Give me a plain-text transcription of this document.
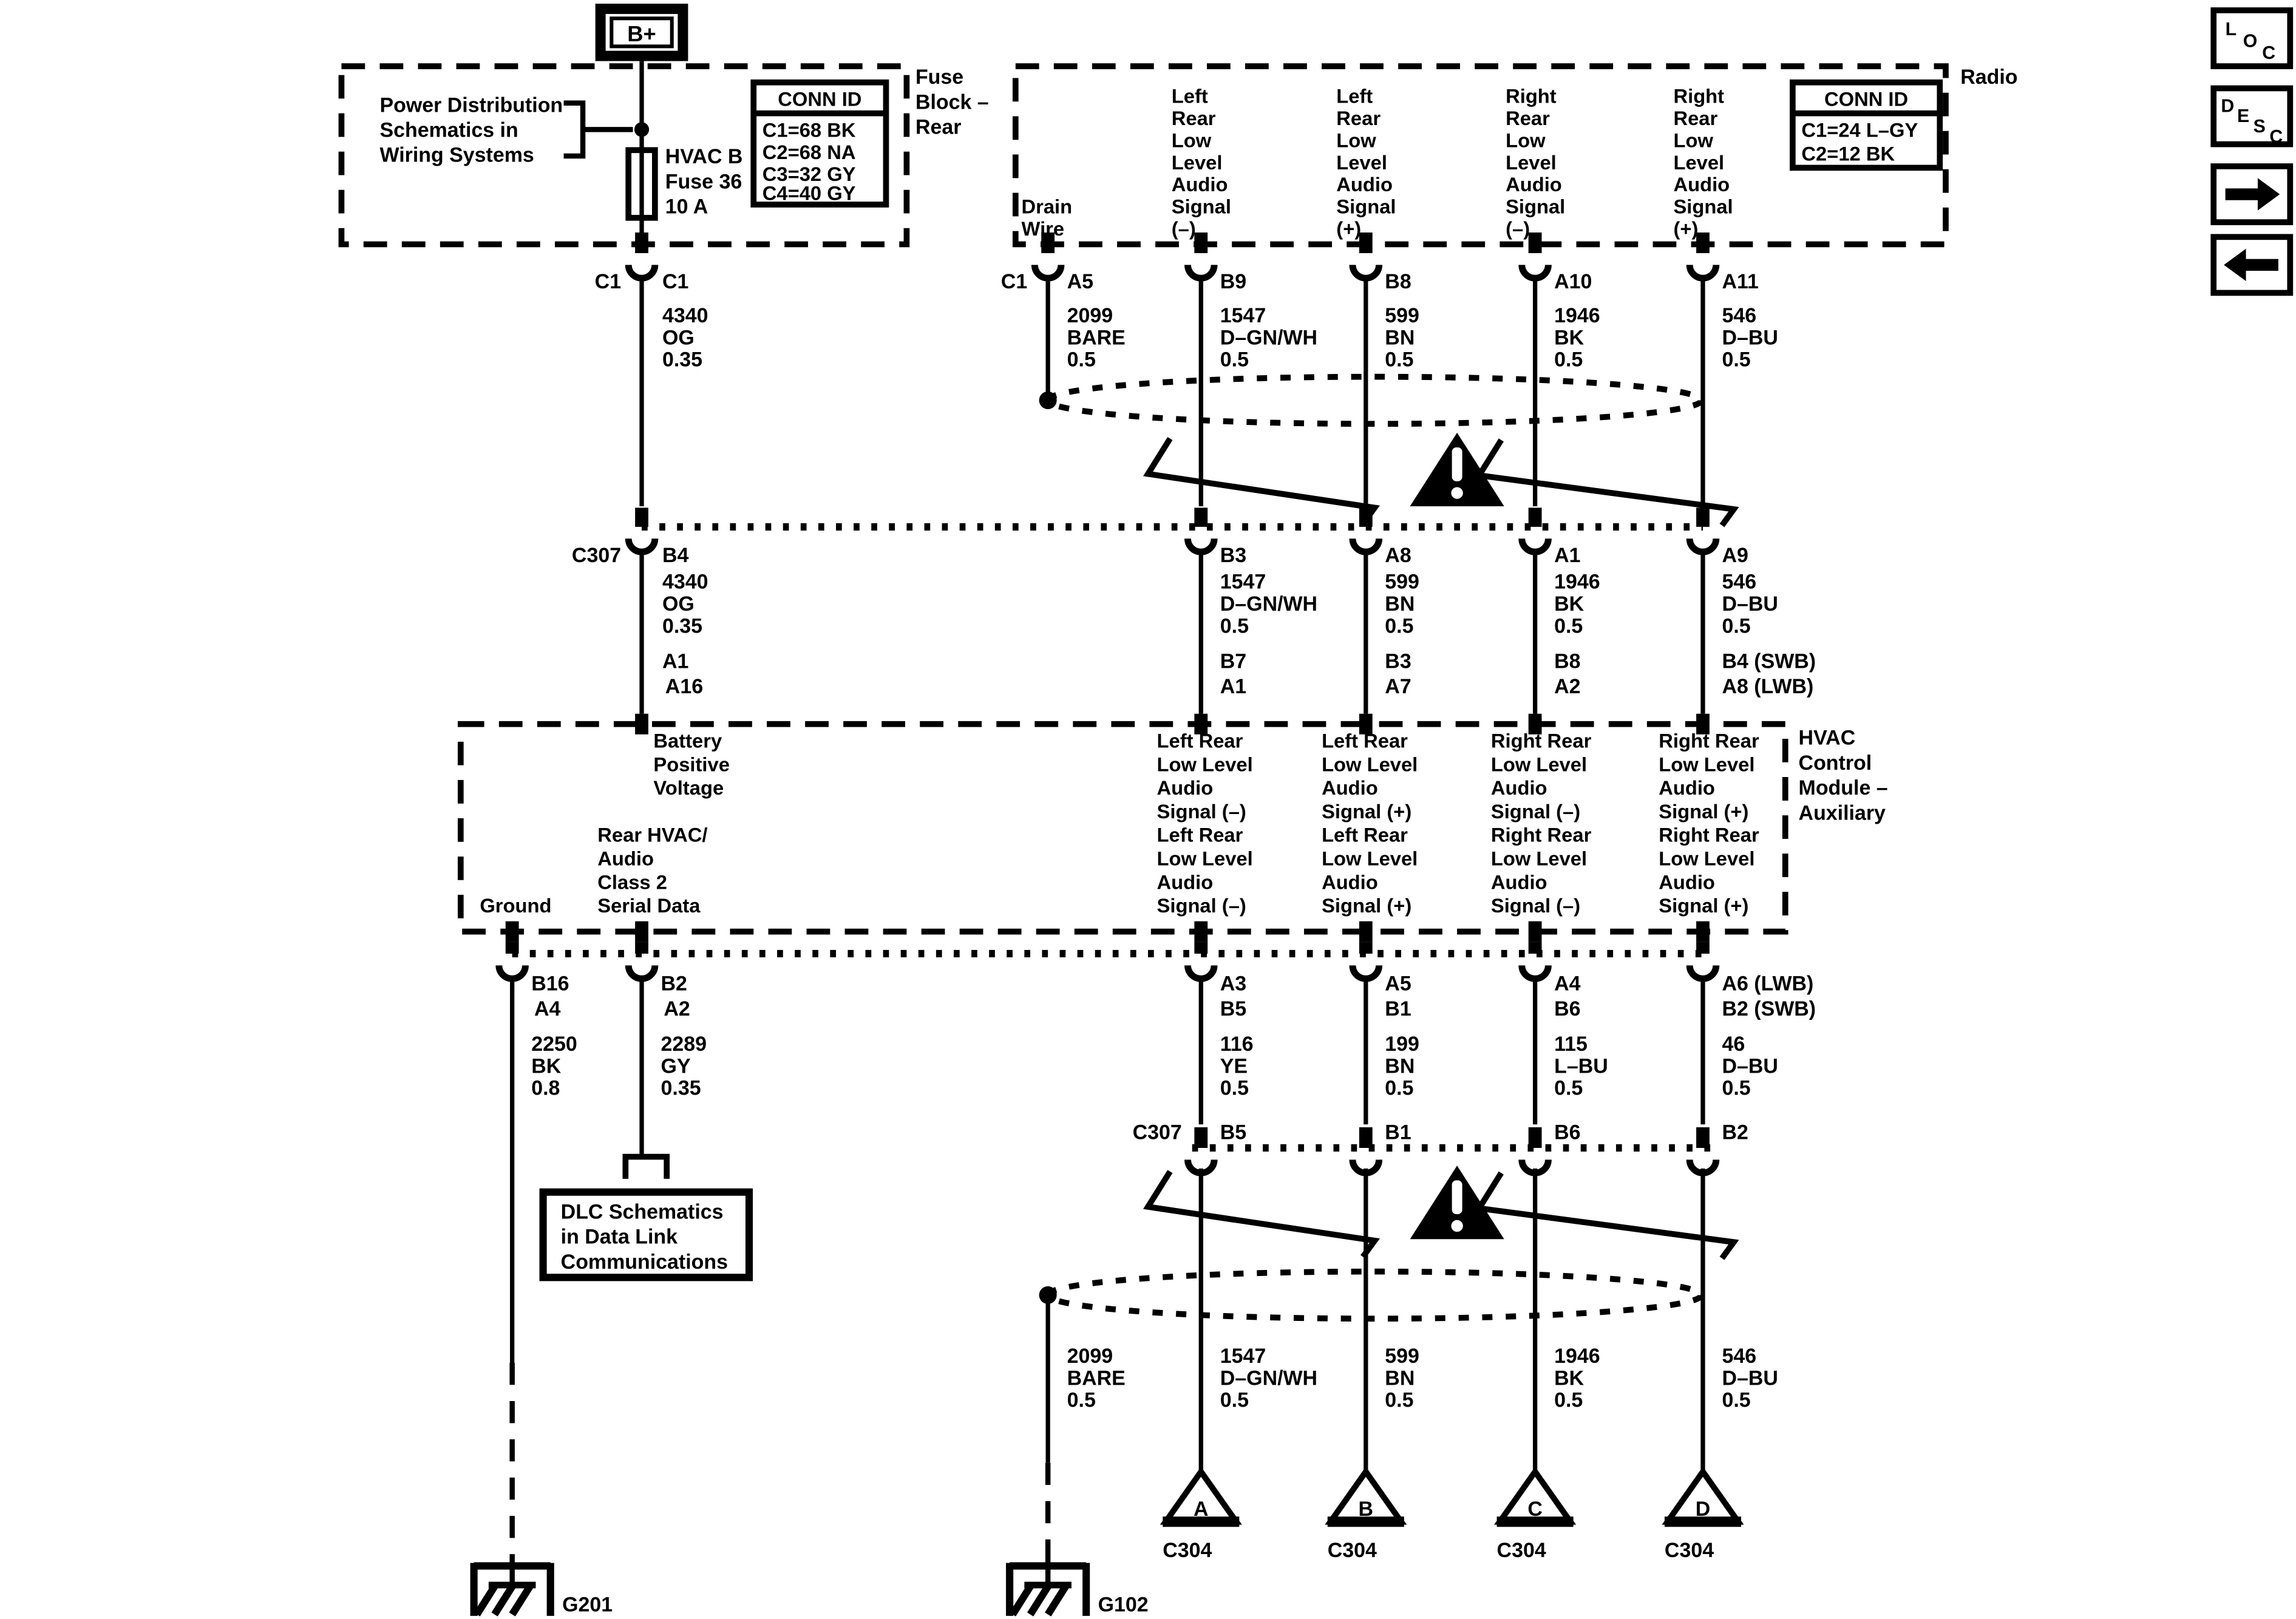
B+
Fuse
Block –
Rear
Power Distribution
Schematics in
Wiring Systems	HVAC B
Fuse 36
10 A
CONN ID
C1=68 BK
C2=68 NA
C3=32 GY
C4=40 GY
Radio
CONN ID
C1=24 L–GY
C2=12 BK
Drain
Wire
Left
Rear
Low
Level
Audio
Signal
(–)
Left
Rear
Low
Level
Audio
Signal
(+)
Right
Rear
Low
Level
Audio
Signal
(–)
Right
Rear
Low
Level
Audio
Signal
(+)
C1	C1	C1	A5	B9	B8	A10	A11
4340
OG
0.35
2099
BARE
0.5
1547
D–GN/WH
0.5
599
BN
0.5
1946
BK
0.5
546
D–BU
0.5
C307	B4	B3	A8	A1	A9
4340
OG
0.35
1547
D–GN/WH
0.5
599
BN
0.5
1946
BK
0.5
546
D–BU
0.5
A1
A16
B7
A1
B3
A7
B8
A2
B4 (SWB)
A8 (LWB)
HVAC
Control
Module –
Auxiliary
Battery
Positive
Voltage
Left Rear
Low Level
Audio
Signal (–)
Left Rear
Low Level
Audio
Signal (+)
Right Rear
Low Level
Audio
Signal (–)
Right Rear
Low Level
Audio
Signal (+)
Rear HVAC/
Audio
Class 2
Serial Data
Ground
Left Rear
Low Level
Audio
Signal (–)
Left Rear
Low Level
Audio
Signal (+)
Right Rear
Low Level
Audio
Signal (–)
Right Rear
Low Level
Audio
Signal (+)
B16
A4
B2
A2
A3
B5
A5
B1
A4
B6
A6 (LWB)
B2 (SWB)
2250
BK
0.8
2289
GY
0.35
116
YE
0.5
199
BN
0.5
115
L–BU
0.5
46
D–BU
0.5
DLC Schematics
in Data Link
Communications
C307	B5	B1	B6	B2
2099
BARE
0.5
1547
D–GN/WH
0.5
599
BN
0.5
1946
BK
0.5
546
D–BU
0.5
A
C304
B
C304
C
C304
D
C304
G201	G102
L
O
C
D
E
S
C
